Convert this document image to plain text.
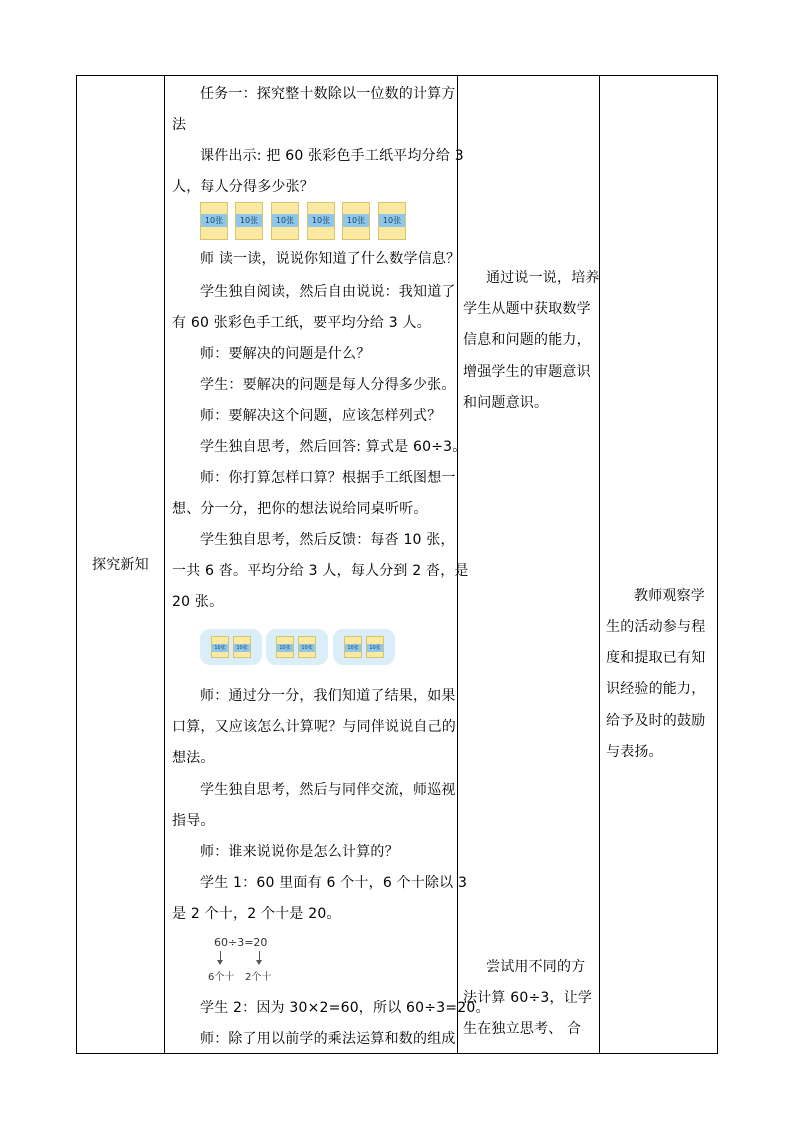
探究新知
任务一：探究整十数除以一位数的计算方
法
课件出示: 把 60 张彩色手工纸平均分给 3
人，每人分得多少张？
师 读一读，说说你知道了什么数学信息？
学生独自阅读，然后自由说说：我知道了
有 60 张彩色手工纸，要平均分给 3 人。
师：要解决的问题是什么？
学生：要解决的问题是每人分得多少张。
师：要解决这个问题，应该怎样列式？
学生独自思考，然后回答: 算式是 60÷3。
师：你打算怎样口算？根据手工纸图想一
想、分一分，把你的想法说给同桌听听。
学生独自思考，然后反馈：每沓 10 张，
一共 6 沓。平均分给 3 人，每人分到 2 沓，是
20 张。
师：通过分一分，我们知道了结果，如果
口算，又应该怎么计算呢？与同伴说说自己的
想法。
学生独自思考，然后与同伴交流，师巡视
指导。
师：谁来说说你是怎么计算的？
学生 1：60 里面有 6 个十，6 个十除以 3
是 2 个十，2 个十是 20。
学生 2：因为 30×2=60，所以 60÷3=20。
师：除了用以前学的乘法运算和数的组成
10张	10张	10张	10张	10张	10张
10张	10张	10张	10张	10张	10张
60÷3=20
6个十 2个十
通过说一说，培养
学生从题中获取数学
信息和问题的能力，
增强学生的审题意识
和问题意识。
尝试用不同的方
法计算 60÷3，让学
生在独立思考、 合
教师观察学
生的活动参与程
度和提取已有知
识经验的能力，
给予及时的鼓励
与表扬。
